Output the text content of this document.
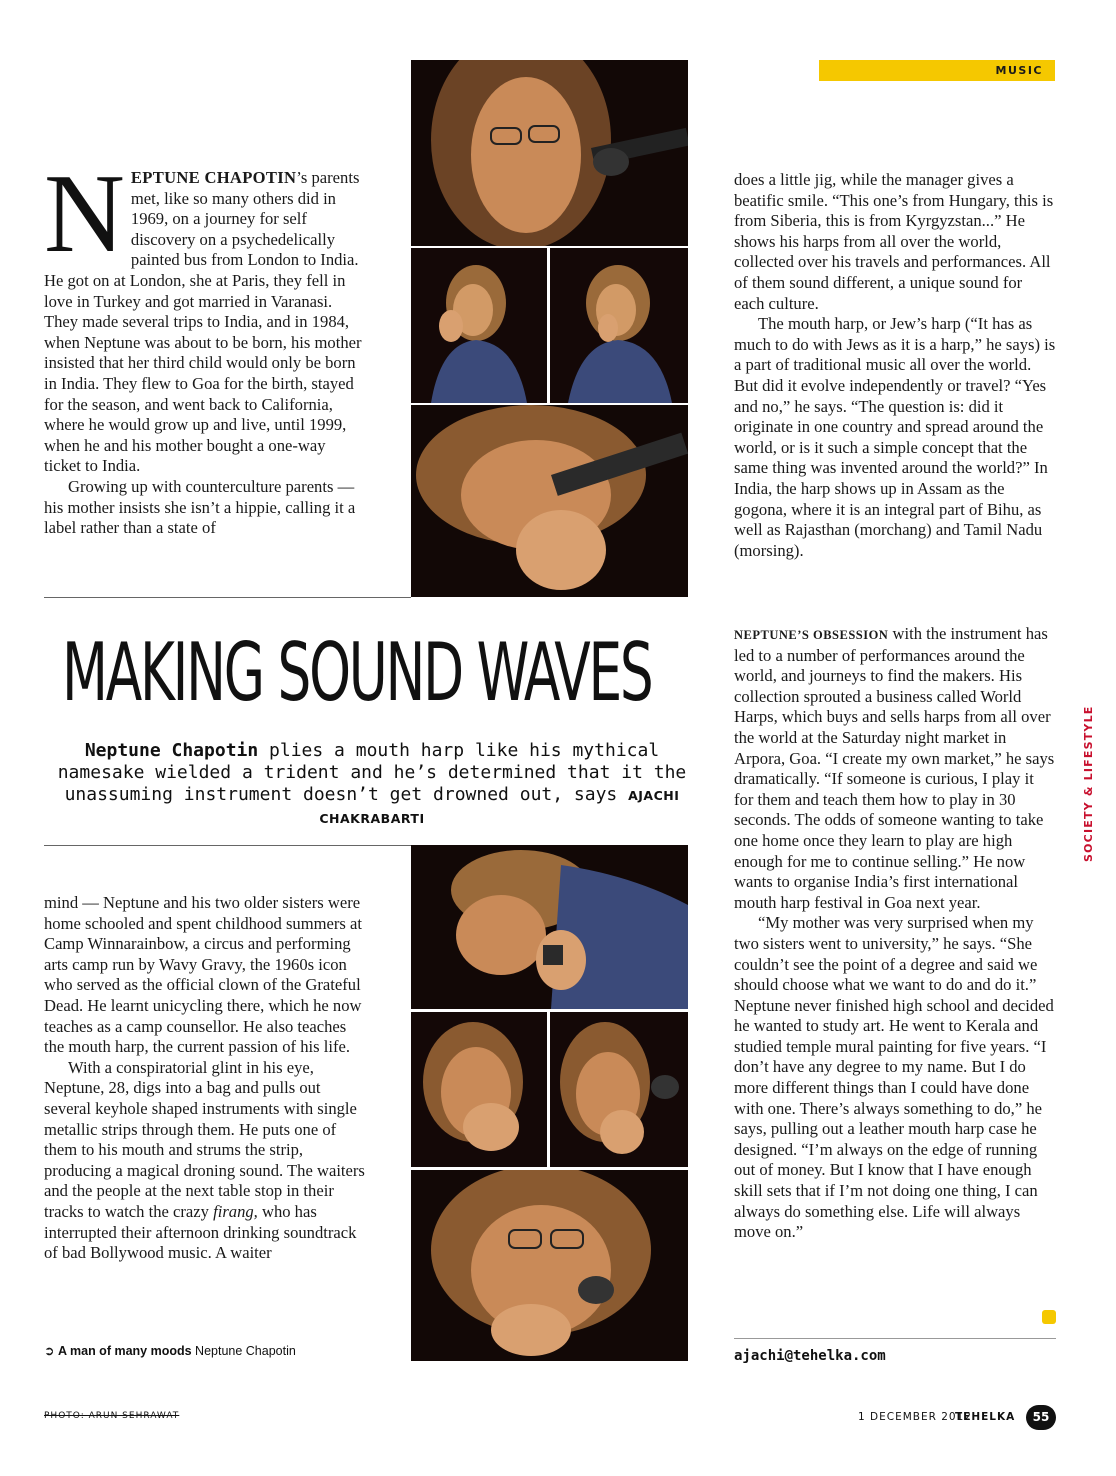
MUSIC

NEPTUNE CHAPOTIN’s parents met, like so many others did in 1969, on a journey for self discovery on a psychedelically painted bus from London to India. He got on at London, she at Paris, they fell in love in Turkey and got married in Varanasi. They made several trips to India, and in 1984, when Neptune was about to be born, his mother insisted that her third child would only be born in India. They flew to Goa for the birth, stayed for the season, and went back to California, where he would grow up and live, until 1999, when he and his mother bought a one-way ticket to India.

Growing up with counterculture parents — his mother insists she isn’t a hippie, calling it a label rather than a state of

does a little jig, while the manager gives a beatific smile. “This one’s from Hungary, this is from Siberia, this is from Kyrgyzstan...” He shows his harps from all over the world, collected over his travels and performances. All of them sound different, a unique sound for each culture.

The mouth harp, or Jew’s harp (“It has as much to do with Jews as it is a harp,” he says) is a part of traditional music all over the world. But did it evolve independently or travel? “Yes and no,” he says. “The question is: did it originate in one country and spread around the world, or is it such a simple concept that the same thing was invented around the world?” In India, the harp shows up in Assam as the gogona, where it is an integral part of Bihu, as well as Rajasthan (morchang) and Tamil Nadu (morsing).

MAKING SOUND WAVES
Neptune Chapotin plies a mouth harp like his mythical namesake wielded a trident and he’s determined that it the unassuming instrument doesn’t get drowned out, says AJACHI CHAKRABARTI

NEPTUNE’S OBSESSION with the instrument has led to a number of performances around the world, and journeys to find the makers. His collection sprouted a business called World Harps, which buys and sells harps from all over the world at the Saturday night market in Arpora, Goa. “I create my own market,” he says dramatically. “If someone is curious, I play it for them and teach them how to play in 30 seconds. The odds of someone wanting to take one home once they learn to play are high enough for me to continue selling.” He now wants to organise India’s first international mouth harp festival in Goa next year.

“My mother was very surprised when my two sisters went to university,” he says. “She couldn’t see the point of a degree and said we should choose what we want to do and do it.” Neptune never finished high school and decided he wanted to study art. He went to Kerala and studied temple mural painting for five years. “I don’t have any degree to my name. But I do more different things than I could have done with one. There’s always something to do,” he says, pulling out a leather mouth harp case he designed. “I’m always on the edge of running out of money. But I know that I have enough skill sets that if I’m not doing one thing, I can always do something else. Life will always move on.”

SOCIETY & LIFESTYLE

mind — Neptune and his two older sisters were home schooled and spent childhood summers at Camp Winnarainbow, a circus and performing arts camp run by Wavy Gravy, the 1960s icon who served as the official clown of the Grateful Dead. He learnt unicycling there, which he now teaches as a camp counsellor. He also teaches the mouth harp, the current passion of his life.

With a conspiratorial glint in his eye, Neptune, 28, digs into a bag and pulls out several keyhole shaped instruments with single metallic strips through them. He puts one of them to his mouth and strums the strip, producing a magical droning sound. The waiters and the people at the next table stop in their tracks to watch the crazy firang, who has interrupted their afternoon drinking soundtrack of bad Bollywood music. A waiter

➲ A man of many moods Neptune Chapotin	ajachi@tehelka.com
PHOTO: ARUN SEHRAWAT	1 DECEMBER 2012
TEHELKA	55
